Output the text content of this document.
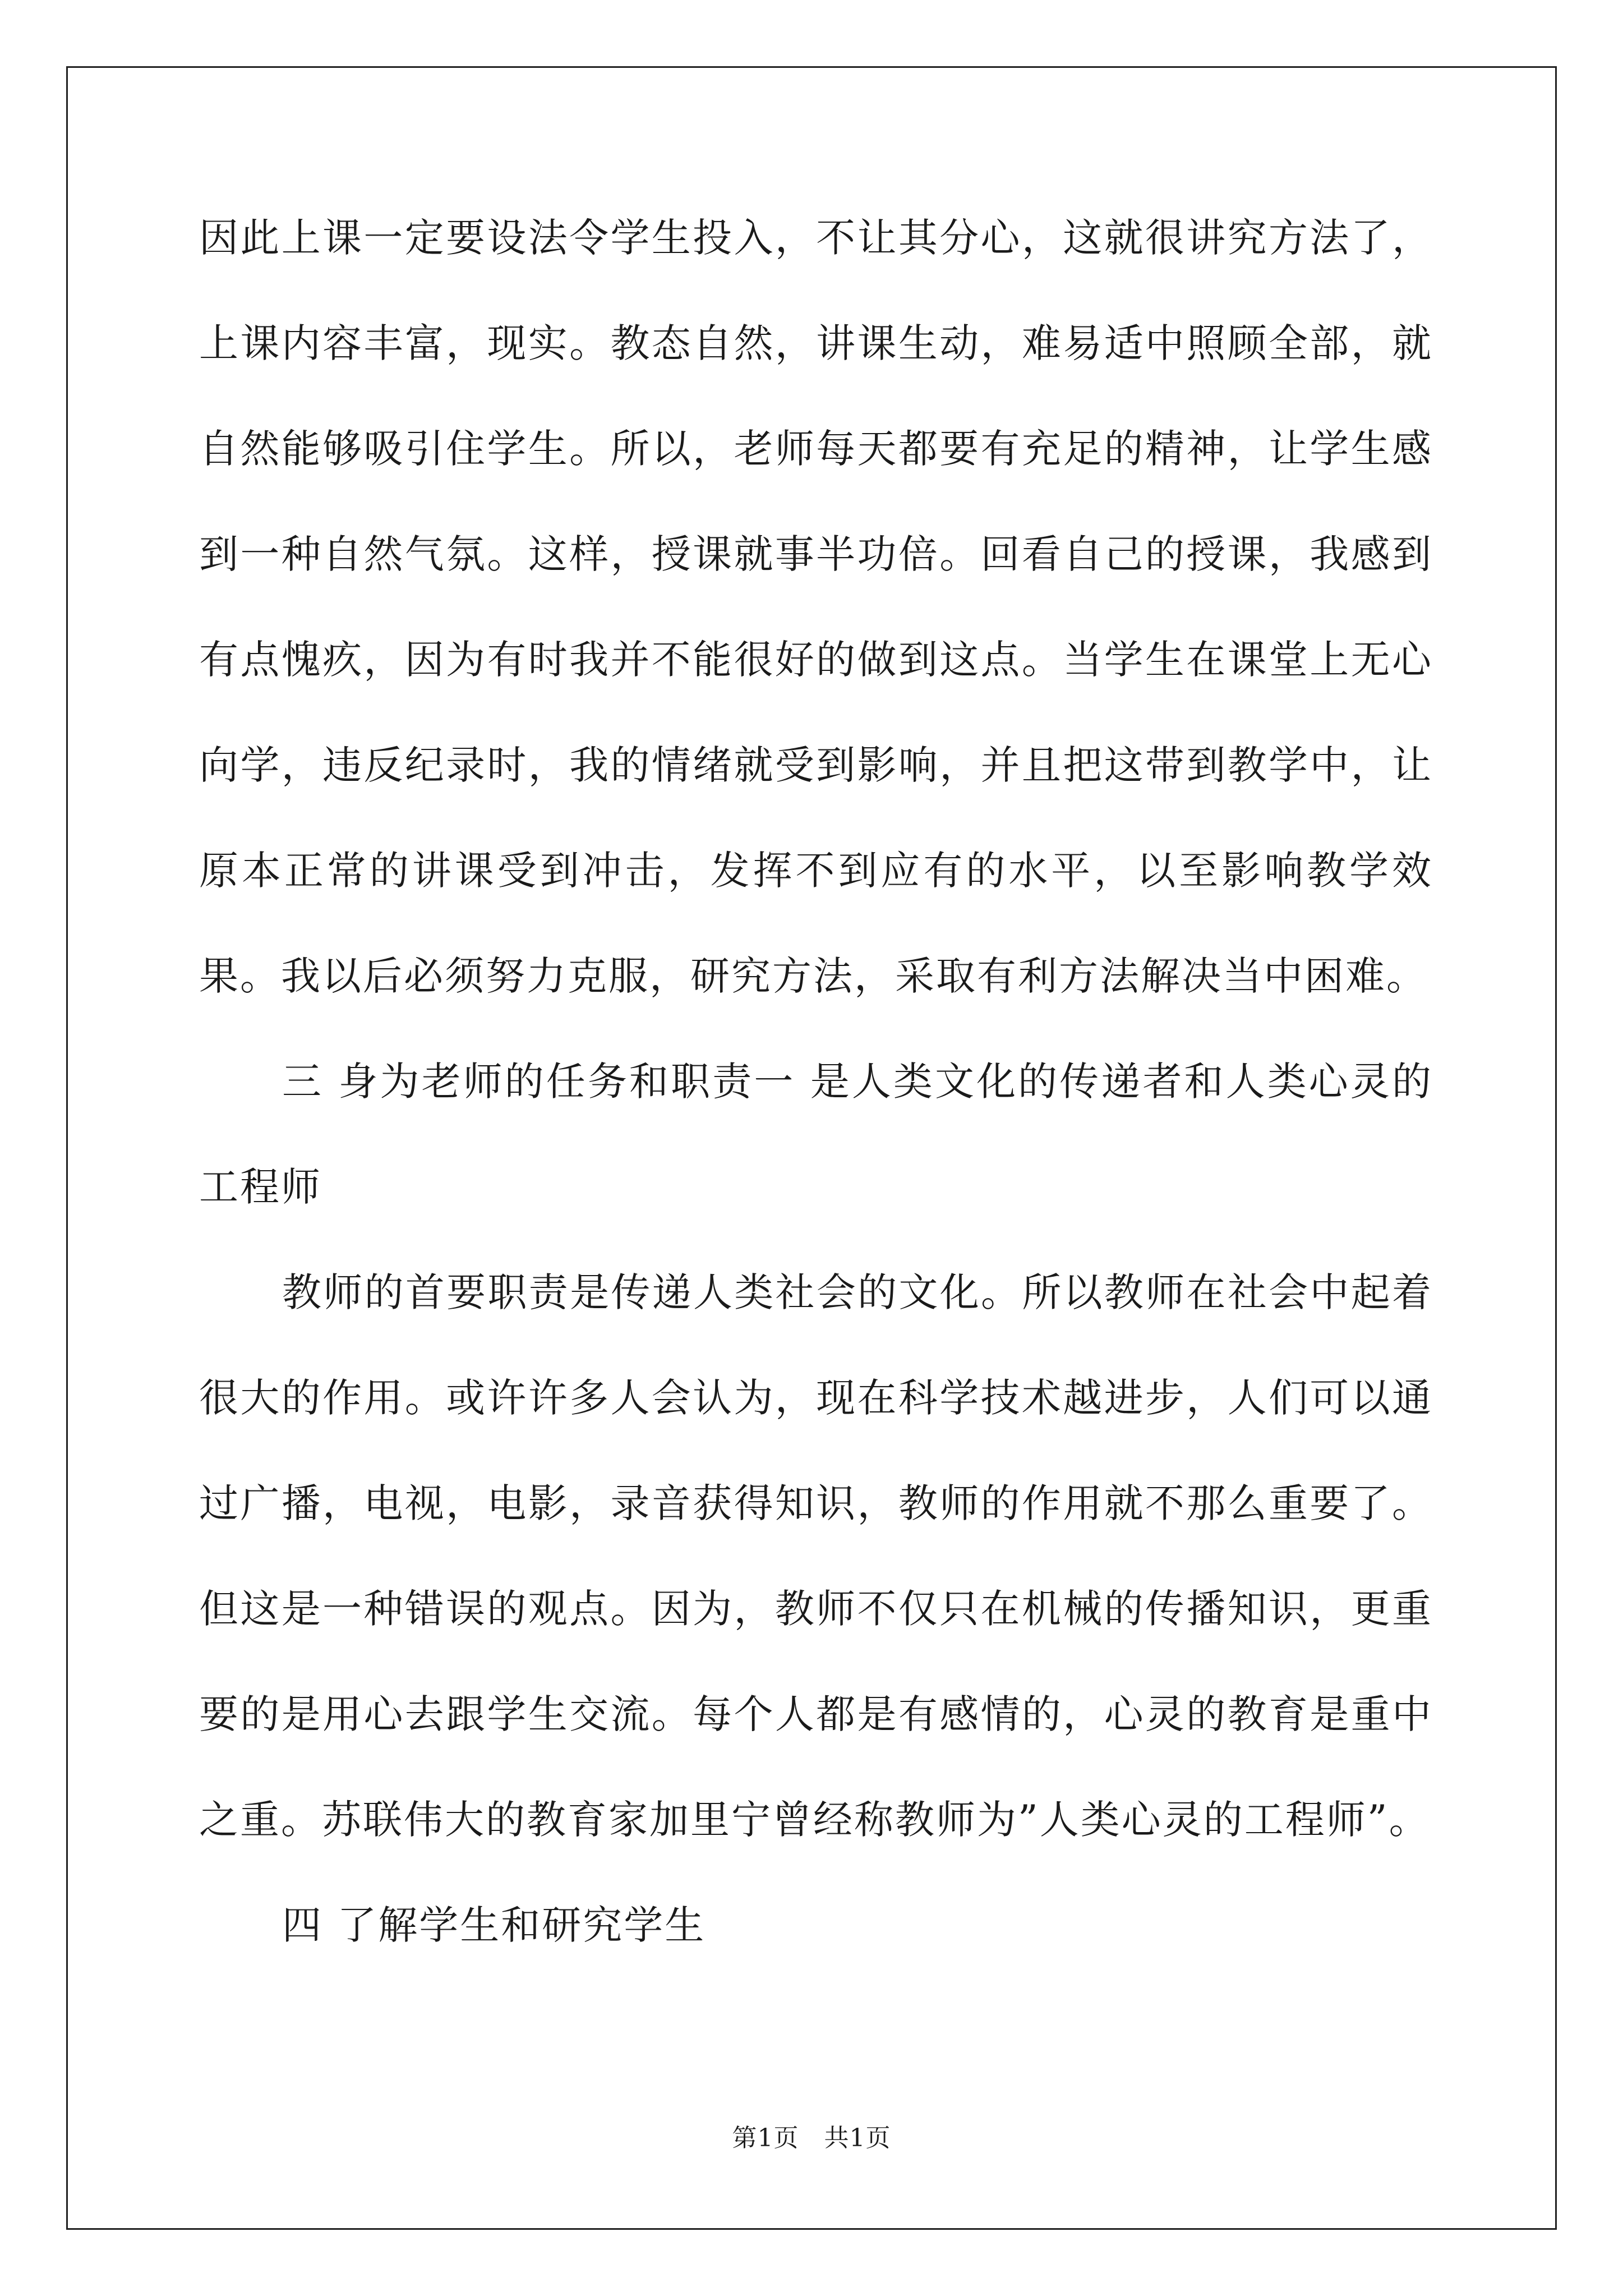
因此上课一定要设法令学生投入，不让其分心，这就很讲究方法了，上课内容丰富，现实。教态自然，讲课生动，难易适中照顾全部，就自然能够吸引住学生。所以，老师每天都要有充足的精神，让学生感到一种自然气氛。这样，授课就事半功倍。回看自己的授课，我感到有点愧疚，因为有时我并不能很好的做到这点。当学生在课堂上无心向学，违反纪录时，我的情绪就受到影响，并且把这带到教学中，让原本正常的讲课受到冲击，发挥不到应有的水平，以至影响教学效果。我以后必须努力克服，研究方法，采取有利方法解决当中困难。

三 身为老师的任务和职责一 是人类文化的传递者和人类心灵的工程师

教师的首要职责是传递人类社会的文化。所以教师在社会中起着很大的作用。或许许多人会认为，现在科学技术越进步，人们可以通过广播，电视，电影，录音获得知识，教师的作用就不那么重要了。但这是一种错误的观点。因为，教师不仅只在机械的传播知识，更重要的是用心去跟学生交流。每个人都是有感情的，心灵的教育是重中之重。苏联伟大的教育家加里宁曾经称教师为”人类心灵的工程师”。

四 了解学生和研究学生

第1页　共1页
